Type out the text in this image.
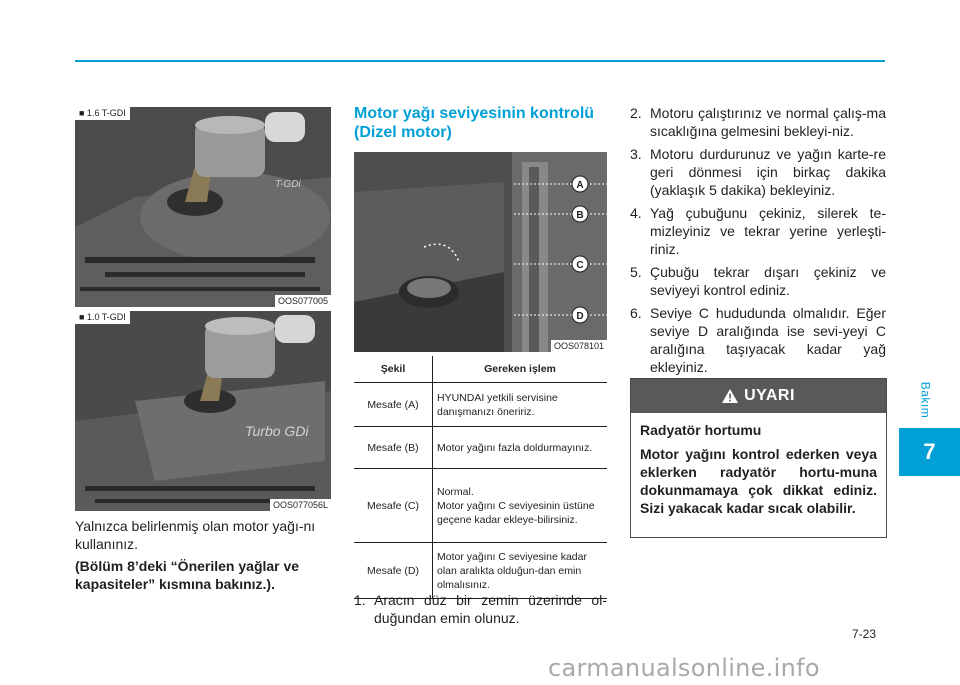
T-GDi
■ 1.6 T-GDI
OOS077005
Turbo GDi
■ 1.0 T-GDI
OOS077056L

Yalnızca belirlenmiş olan motor yağı-nı kullanınız.

(Bölüm 8’deki “Önerilen yağlar ve kapasiteler” kısmına bakınız.).

Motor yağı seviyesinin kontrolü (Dizel motor)
A
B
C
D
OOS078101
Şekil	Gereken işlem
Mesafe (A)	HYUNDAI yetkili servisine danışmanızı öneririz.
Mesafe (B)	Motor yağını fazla doldurmayınız.
Mesafe (C)	Normal.
Motor yağını C seviyesinin üstüne geçene kadar ekleye-bilirsiniz.

Mesafe (D)	Motor yağını C seviyesine kadar olan aralıkta olduğun-dan emin olmalısınız.
1. Aracın düz bir zemin üzerinde ol-duğundan emin olunuz.
2. Motoru çalıştırınız ve normal çalış-ma sıcaklığına gelmesini bekleyi-niz.
3. Motoru durdurunuz ve yağın karte-re geri dönmesi için birkaç dakika (yaklaşık 5 dakika) bekleyiniz.
4. Yağ çubuğunu çekiniz, silerek te-mizleyiniz ve tekrar yerine yerleşti-riniz.
5. Çubuğu tekrar dışarı çekiniz ve seviyeyi kontrol ediniz.
6. Seviye C hududunda olmalıdır. Eğer seviye D aralığında ise sevi-yeyi C aralığına taşıyacak kadar yağ ekleyiniz.
UYARI

Radyatör hortumu

Motor yağını kontrol ederken veya eklerken radyatör hortu-muna dokunmamaya çok dikkat ediniz. Sizi yakacak kadar sıcak olabilir.

Bakım
7
7-23
carmanualsonline.info
